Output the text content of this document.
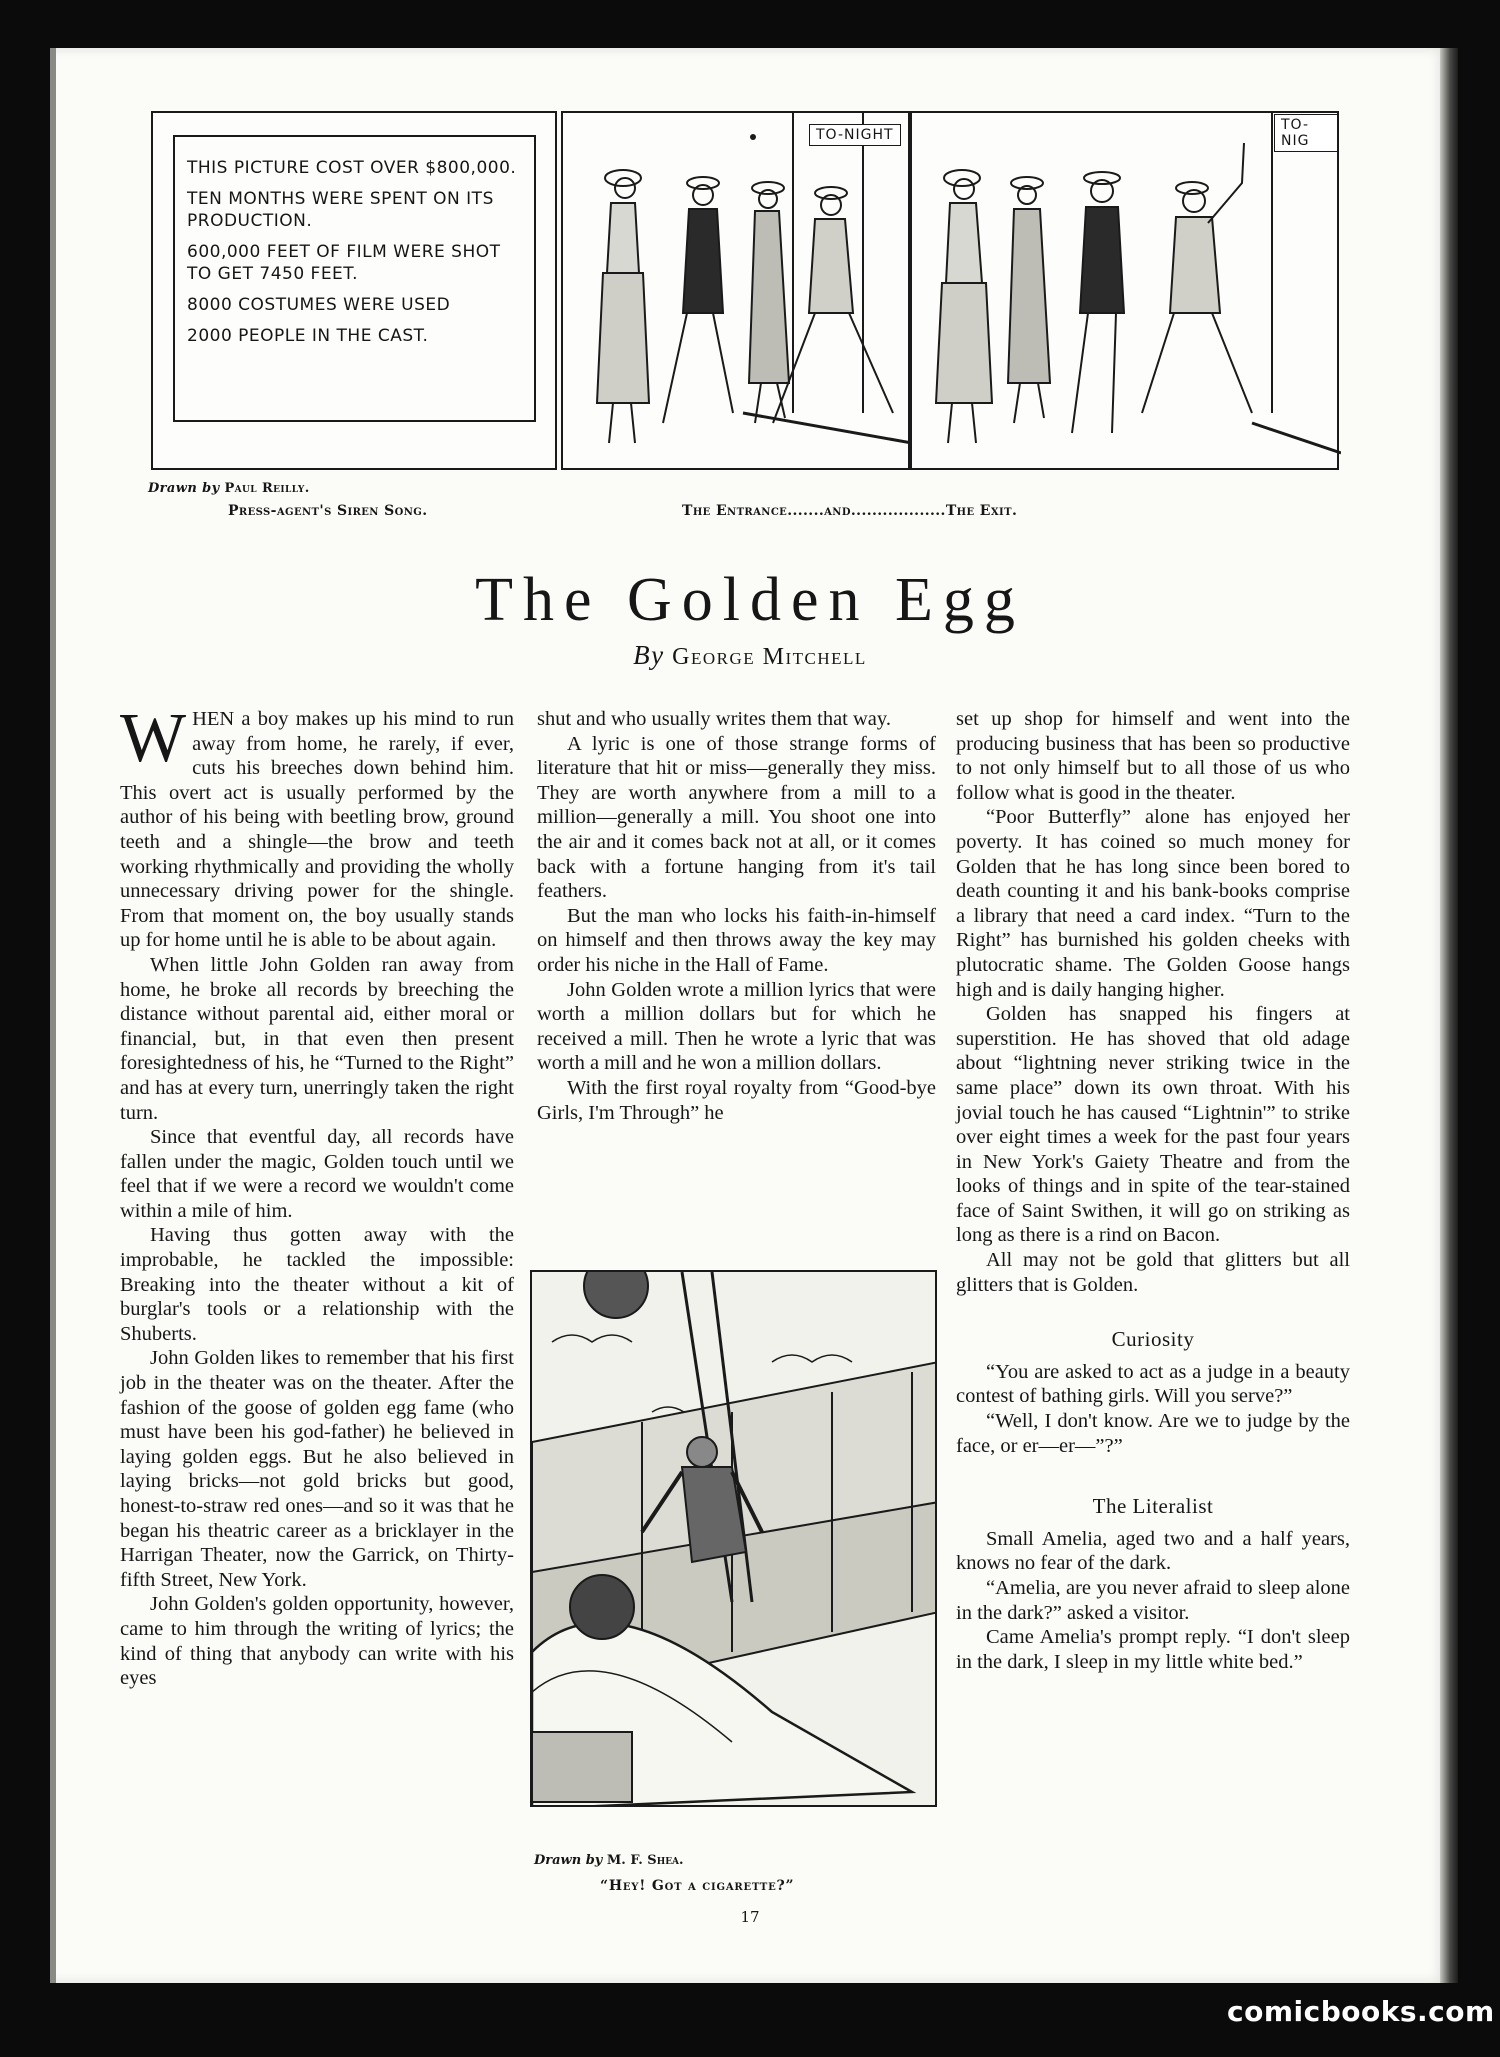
THIS PICTURE COST OVER $800,000.
TEN MONTHS WERE SPENT ON ITS PRODUCTION.
600,000 FEET OF FILM WERE SHOT TO GET 7450 FEET.
8000 COSTUMES WERE USED
2000 PEOPLE IN THE CAST.
TO-NIGHT
TO-NIG
Drawn by Paul Reilly.
Press-agent's Siren Song.	The Entrance.......and..................The Exit.
The Golden Egg
By George Mitchell

WHEN a boy makes up his mind to run away from home, he rarely, if ever, cuts his breeches down behind him. This overt act is usually performed by the author of his being with beetling brow, ground teeth and a shingle—the brow and teeth working rhythmically and providing the wholly unnecessary driving power for the shingle. From that moment on, the boy usually stands up for home until he is able to be about again.

When little John Golden ran away from home, he broke all records by breeching the distance without parental aid, either moral or financial, but, in that even then present foresightedness of his, he “Turned to the Right” and has at every turn, unerringly taken the right turn.

Since that eventful day, all records have fallen under the magic, Golden touch until we feel that if we were a record we wouldn't come within a mile of him.

Having thus gotten away with the improbable, he tackled the impossible: Breaking into the theater without a kit of burglar's tools or a relationship with the Shuberts.

John Golden likes to remember that his first job in the theater was on the theater. After the fashion of the goose of golden egg fame (who must have been his god-father) he believed in laying golden eggs. But he also believed in laying bricks—not gold bricks but good, honest-to-straw red ones—and so it was that he began his theatric career as a bricklayer in the Harrigan Theater, now the Garrick, on Thirty-fifth Street, New York.

John Golden's golden opportunity, however, came to him through the writing of lyrics; the kind of thing that anybody can write with his eyes

shut and who usually writes them that way.

A lyric is one of those strange forms of literature that hit or miss—generally they miss. They are worth anywhere from a mill to a million—generally a mill. You shoot one into the air and it comes back not at all, or it comes back with a fortune hanging from it's tail feathers.

But the man who locks his faith-in-himself on himself and then throws away the key may order his niche in the Hall of Fame.

John Golden wrote a million lyrics that were worth a million dollars but for which he received a mill. Then he wrote a lyric that was worth a mill and he won a million dollars.

With the first royal royalty from “Good-bye Girls, I'm Through” he

Drawn by M. F. Shea.
“Hey! Got a cigarette?”

set up shop for himself and went into the producing business that has been so productive to not only himself but to all those of us who follow what is good in the theater.

“Poor Butterfly” alone has enjoyed her poverty. It has coined so much money for Golden that he has long since been bored to death counting it and his bank-books comprise a library that need a card index. “Turn to the Right” has burnished his golden cheeks with plutocratic shame. The Golden Goose hangs high and is daily hanging higher.

Golden has snapped his fingers at superstition. He has shoved that old adage about “lightning never striking twice in the same place” down its own throat. With his jovial touch he has caused “Lightnin'” to strike over eight times a week for the past four years in New York's Gaiety Theatre and from the looks of things and in spite of the tear-stained face of Saint Swithen, it will go on striking as long as there is a rind on Bacon.

All may not be gold that glitters but all glitters that is Golden.

Curiosity

“You are asked to act as a judge in a beauty contest of bathing girls. Will you serve?”

“Well, I don't know. Are we to judge by the face, or er—er—”?”

The Literalist

Small Amelia, aged two and a half years, knows no fear of the dark.

“Amelia, are you never afraid to sleep alone in the dark?” asked a visitor.

Came Amelia's prompt reply. “I don't sleep in the dark, I sleep in my little white bed.”

17
comicbooks.com
